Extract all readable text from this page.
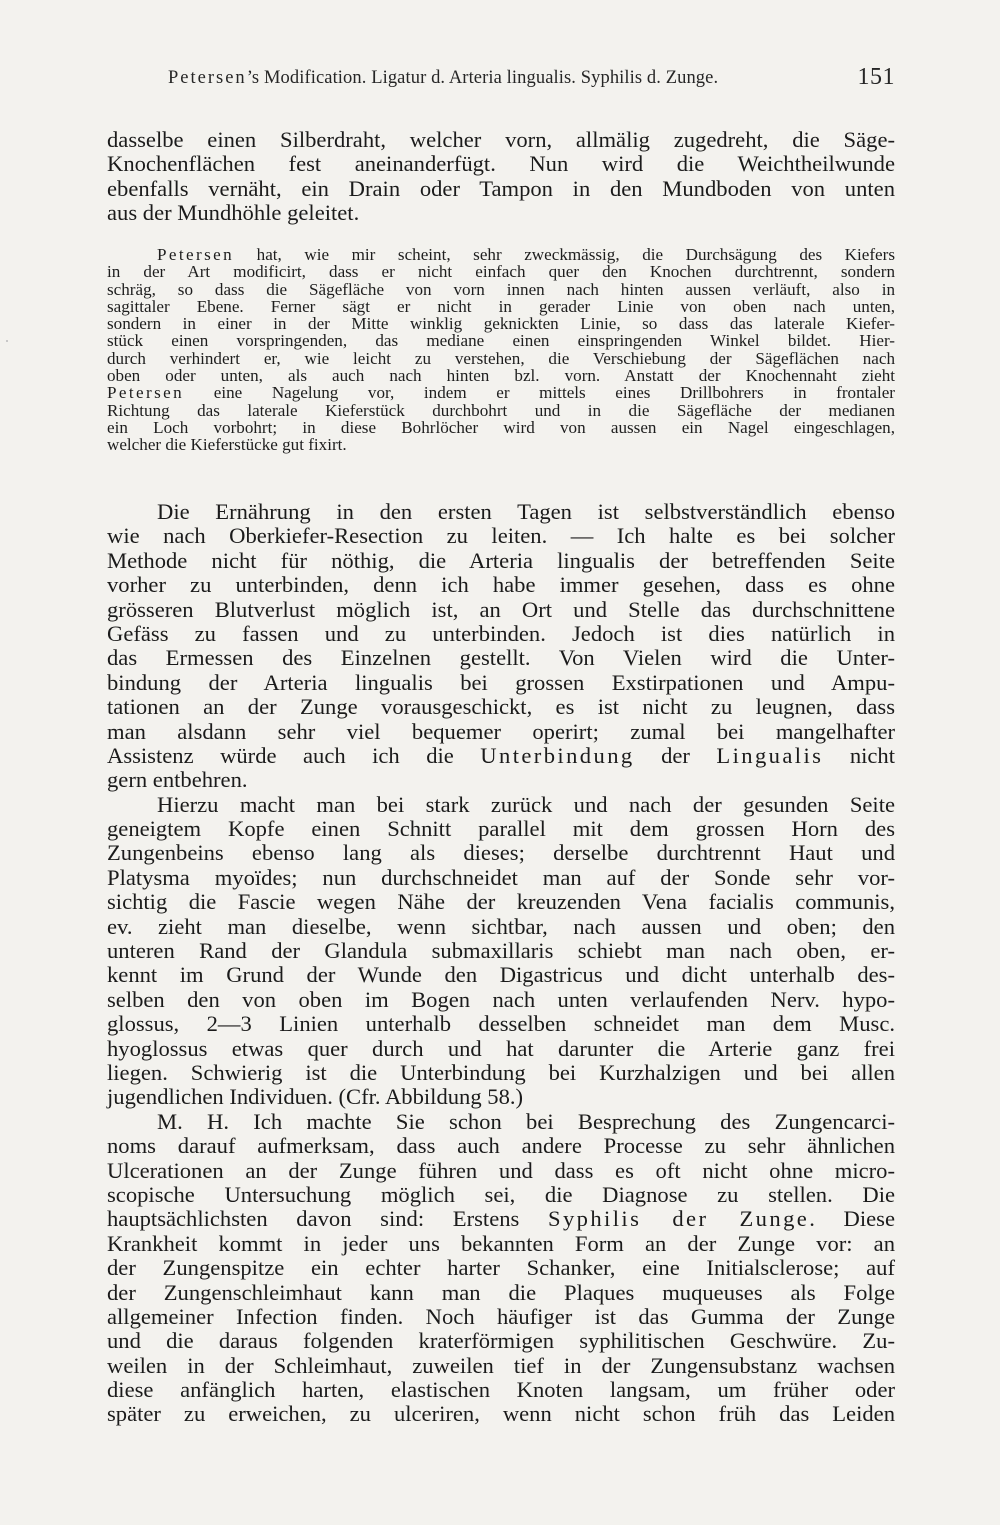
Petersen’s Modification. Ligatur d. Arteria lingualis. Syphilis d. Zunge.	151
dasselbe einen Silberdraht, welcher vorn, allmälig zugedreht, die Säge-
Knochenflächen fest aneinanderfügt. Nun wird die Weichtheilwunde
ebenfalls vernäht, ein Drain oder Tampon in den Mundboden von unten
aus der Mundhöhle geleitet.
Petersen hat, wie mir scheint, sehr zweckmässig, die Durchsägung des Kiefers
in der Art modificirt, dass er nicht einfach quer den Knochen durchtrennt, sondern
schräg, so dass die Sägefläche von vorn innen nach hinten aussen verläuft, also in
sagittaler Ebene. Ferner sägt er nicht in gerader Linie von oben nach unten,
sondern in einer in der Mitte winklig geknickten Linie, so dass das laterale Kiefer-
stück einen vorspringenden, das mediane einen einspringenden Winkel bildet. Hier-
durch verhindert er, wie leicht zu verstehen, die Verschiebung der Sägeflächen nach
oben oder unten, als auch nach hinten bzl. vorn. Anstatt der Knochennaht zieht
Petersen eine Nagelung vor, indem er mittels eines Drillbohrers in frontaler
Richtung das laterale Kieferstück durchbohrt und in die Sägefläche der medianen
ein Loch vorbohrt; in diese Bohrlöcher wird von aussen ein Nagel eingeschlagen,
welcher die Kieferstücke gut fixirt.
Die Ernährung in den ersten Tagen ist selbstverständlich ebenso
wie nach Oberkiefer-Resection zu leiten. — Ich halte es bei solcher
Methode nicht für nöthig, die Arteria lingualis der betreffenden Seite
vorher zu unterbinden, denn ich habe immer gesehen, dass es ohne
grösseren Blutverlust möglich ist, an Ort und Stelle das durchschnittene
Gefäss zu fassen und zu unterbinden. Jedoch ist dies natürlich in
das Ermessen des Einzelnen gestellt. Von Vielen wird die Unter-
bindung der Arteria lingualis bei grossen Exstirpationen und Ampu-
tationen an der Zunge vorausgeschickt, es ist nicht zu leugnen, dass
man alsdann sehr viel bequemer operirt; zumal bei mangelhafter
Assistenz würde auch ich die Unterbindung der Lingualis nicht
gern entbehren.
Hierzu macht man bei stark zurück und nach der gesunden Seite
geneigtem Kopfe einen Schnitt parallel mit dem grossen Horn des
Zungenbeins ebenso lang als dieses; derselbe durchtrennt Haut und
Platysma myoïdes; nun durchschneidet man auf der Sonde sehr vor-
sichtig die Fascie wegen Nähe der kreuzenden Vena facialis communis,
ev. zieht man dieselbe, wenn sichtbar, nach aussen und oben; den
unteren Rand der Glandula submaxillaris schiebt man nach oben, er-
kennt im Grund der Wunde den Digastricus und dicht unterhalb des-
selben den von oben im Bogen nach unten verlaufenden Nerv. hypo-
glossus, 2—3 Linien unterhalb desselben schneidet man dem Musc.
hyoglossus etwas quer durch und hat darunter die Arterie ganz frei
liegen. Schwierig ist die Unterbindung bei Kurzhalzigen und bei allen
jugendlichen Individuen. (Cfr. Abbildung 58.)
M. H. Ich machte Sie schon bei Besprechung des Zungencarci-
noms darauf aufmerksam, dass auch andere Processe zu sehr ähnlichen
Ulcerationen an der Zunge führen und dass es oft nicht ohne micro-
scopische Untersuchung möglich sei, die Diagnose zu stellen. Die
hauptsächlichsten davon sind: Erstens Syphilis der Zunge. Diese
Krankheit kommt in jeder uns bekannten Form an der Zunge vor: an
der Zungenspitze ein echter harter Schanker, eine Initialsclerose; auf
der Zungenschleimhaut kann man die Plaques muqueuses als Folge
allgemeiner Infection finden. Noch häufiger ist das Gumma der Zunge
und die daraus folgenden kraterförmigen syphilitischen Geschwüre. Zu-
weilen in der Schleimhaut, zuweilen tief in der Zungensubstanz wachsen
diese anfänglich harten, elastischen Knoten langsam, um früher oder
später zu erweichen, zu ulceriren, wenn nicht schon früh das Leiden
